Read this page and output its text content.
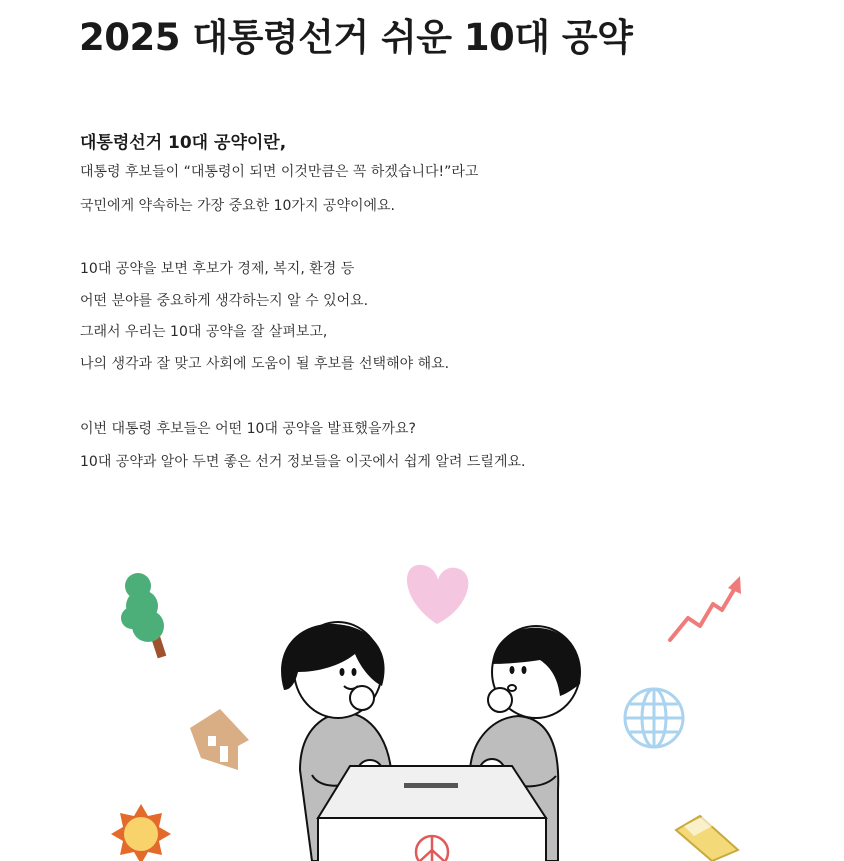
2025 대통령선거 쉬운 10대 공약
대통령선거 10대 공약이란,

대통령 후보들이 “대통령이 되면 이것만큼은 꼭 하겠습니다!”라고

국민에게 약속하는 가장 중요한 10가지 공약이에요.

10대 공약을 보면 후보가 경제, 복지, 환경 등

어떤 분야를 중요하게 생각하는지 알 수 있어요.

그래서 우리는 10대 공약을 잘 살펴보고,

나의 생각과 잘 맞고 사회에 도움이 될 후보를 선택해야 해요.

이번 대통령 후보들은 어떤 10대 공약을 발표했을까요?

10대 공약과 알아 두면 좋은 선거 정보들을 이곳에서 쉽게 알려 드릴게요.
